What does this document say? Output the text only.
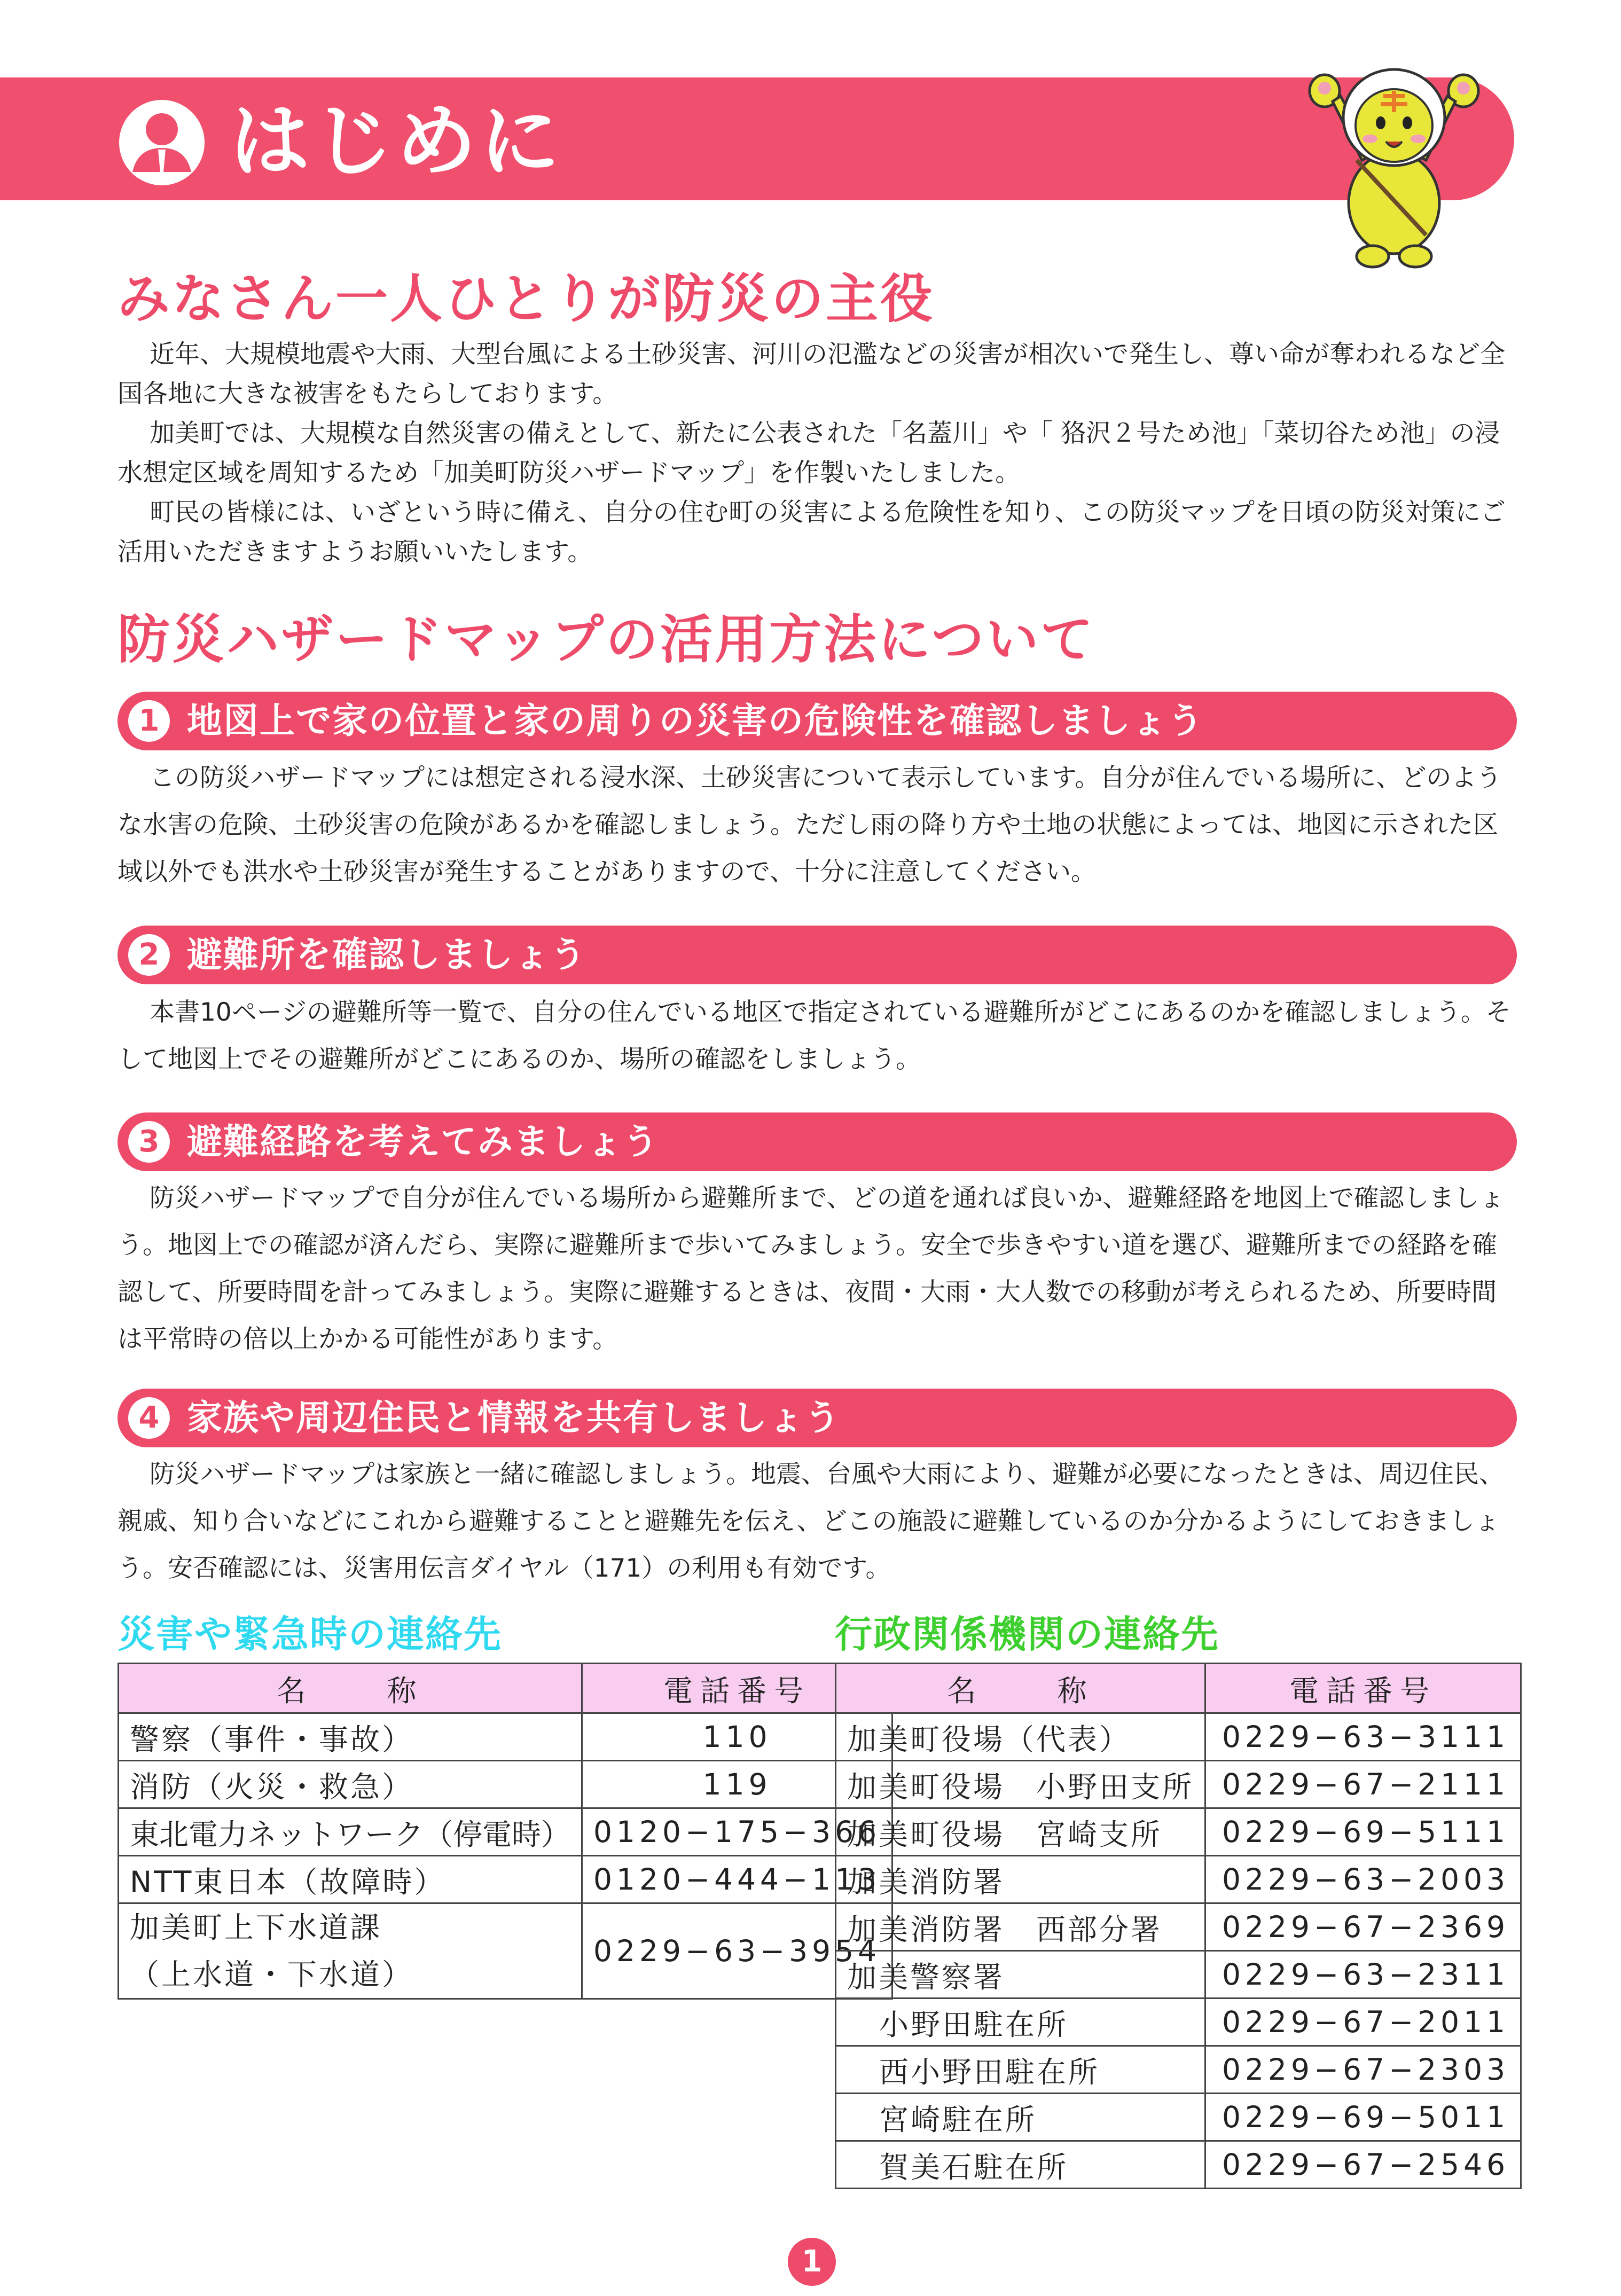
はじめに
みなさん一人ひとりが防災の主役

近年、大規模地震や大雨、大型台風による土砂災害、河川の氾濫などの災害が相次いで発生し、尊い命が奪われるなど全国各地に大きな被害をもたらしております。

加美町では、大規模な自然災害の備えとして、新たに公表された「名蓋川」や「 狢沢２号ため池」「菜切谷ため池」の浸水想定区域を周知するため「加美町防災ハザードマップ」を作製いたしました。

町民の皆様には、いざという時に備え、自分の住む町の災害による危険性を知り、この防災マップを日頃の防災対策にご活用いただきますようお願いいたします。

防災ハザードマップの活用方法について
1 地図上で家の位置と家の周りの災害の危険性を確認しましょう

この防災ハザードマップには想定される浸水深、土砂災害について表示しています。自分が住んでいる場所に、どのような水害の危険、土砂災害の危険があるかを確認しましょう。ただし雨の降り方や土地の状態によっては、地図に示された区域以外でも洪水や土砂災害が発生することがありますので、十分に注意してください。

2 避難所を確認しましょう

本書10ページの避難所等一覧で、自分の住んでいる地区で指定されている避難所がどこにあるのかを確認しましょう。そして地図上でその避難所がどこにあるのか、場所の確認をしましょう。

3 避難経路を考えてみましょう

防災ハザードマップで自分が住んでいる場所から避難所まで、どの道を通れば良いか、避難経路を地図上で確認しましょう。地図上での確認が済んだら、実際に避難所まで歩いてみましょう。安全で歩きやすい道を選び、避難所までの経路を確認して、所要時間を計ってみましょう。実際に避難するときは、夜間・大雨・大人数での移動が考えられるため、所要時間は平常時の倍以上かかる可能性があります。

4 家族や周辺住民と情報を共有しましょう

防災ハザードマップは家族と一緒に確認しましょう。地震、台風や大雨により、避難が必要になったときは、周辺住民、親戚、知り合いなどにこれから避難することと避難先を伝え、どこの施設に避難しているのか分かるようにしておきましょう。安否確認には、災害用伝言ダイヤル（171）の利用も有効です。

災害や緊急時の連絡先
名　　称	電話番号
警察（事件・事故）	110
消防（火災・救急）	119
東北電力ネットワーク（停電時）	0120−175−366
NTT東日本（故障時）	0120−444−113

加美町上下水道課
（上水道・下水道）	0229−63−3954
行政関係機関の連絡先
名　　称	電話番号
加美町役場（代表）	0229−63−3111
加美町役場　小野田支所	0229−67−2111
加美町役場　宮崎支所	0229−69−5111
加美消防署	0229−63−2003
加美消防署　西部分署	0229−67−2369
加美警察署	0229−63−2311
小野田駐在所	0229−67−2011
西小野田駐在所	0229−67−2303
宮崎駐在所	0229−69−5011
賀美石駐在所	0229−67−2546
1
